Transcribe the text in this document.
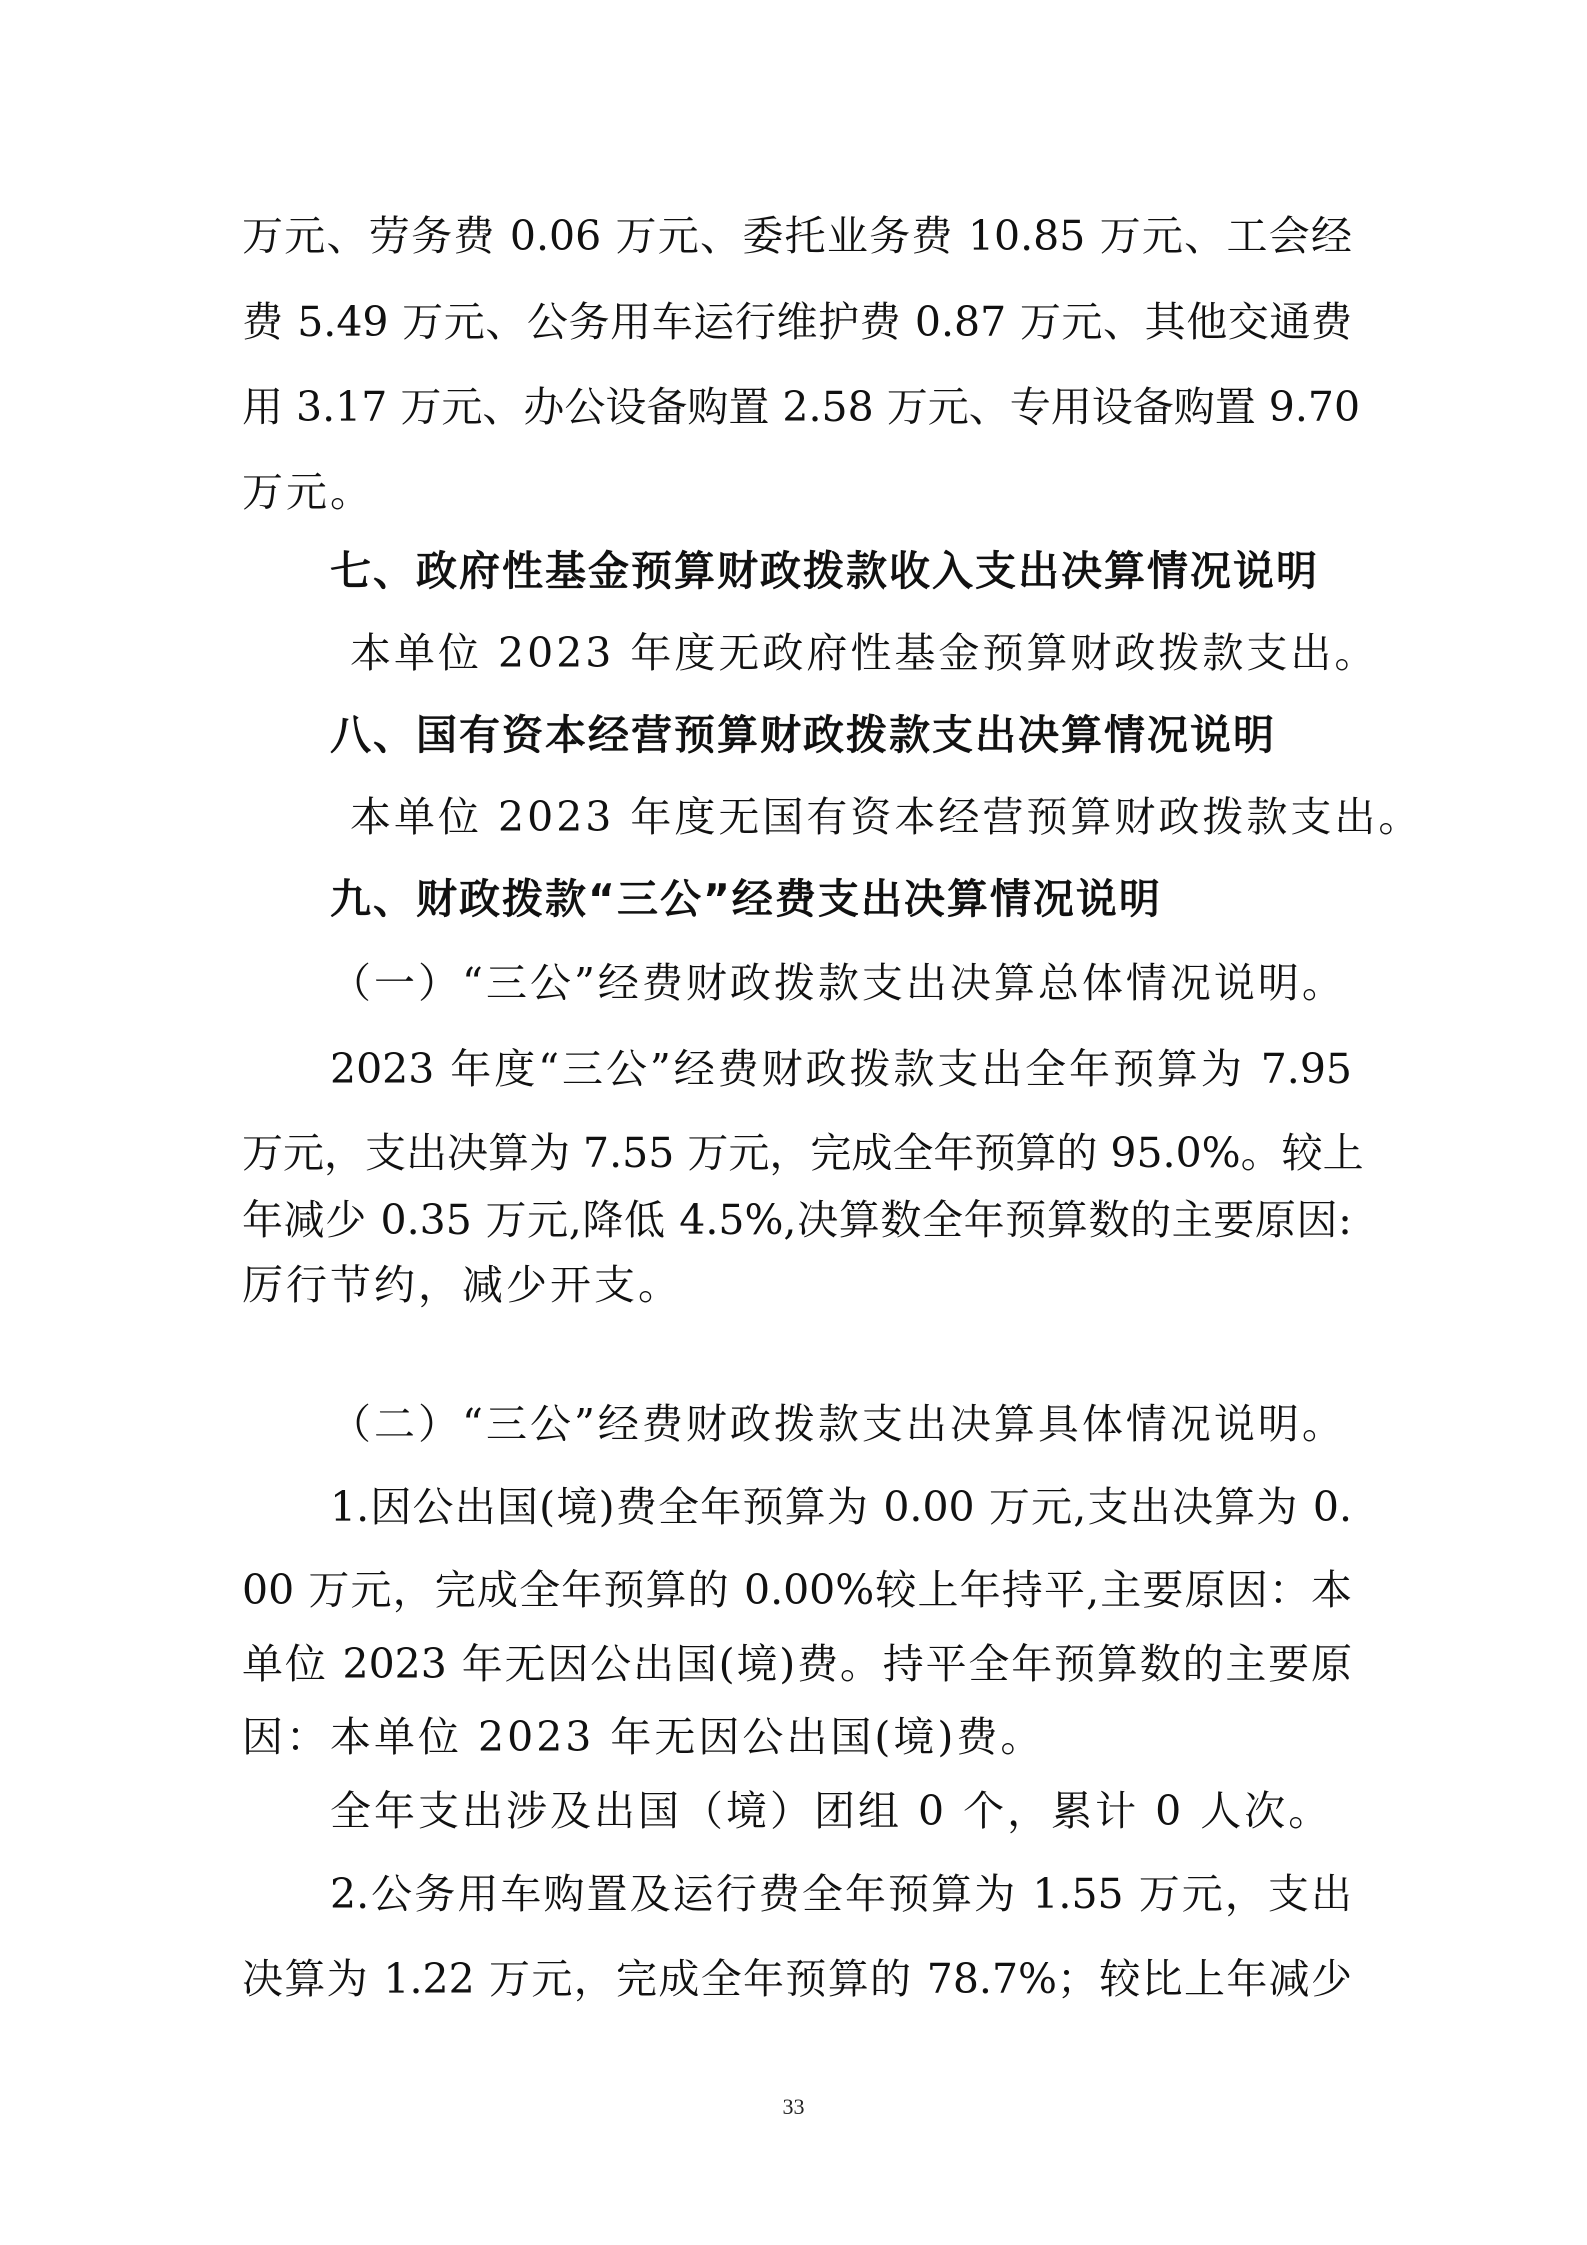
万元、劳务费 0.06 万元、委托业务费 10.85 万元、工会经
费 5.49 万元、公务用车运行维护费 0.87 万元、其他交通费
用 3.17 万元、办公设备购置 2.58 万元、专用设备购置 9.70
万元。
七、政府性基金预算财政拨款收入支出决算情况说明
本单位 2023 年度无政府性基金预算财政拨款支出。
八、国有资本经营预算财政拨款支出决算情况说明
本单位 2023 年度无国有资本经营预算财政拨款支出。
九、财政拨款“三公”经费支出决算情况说明
（一）“三公”经费财政拨款支出决算总体情况说明。
2023 年度“三公”经费财政拨款支出全年预算为 7.95
万元，支出决算为 7.55 万元，完成全年预算的 95.0%。较上
年减少 0.35 万元,降低 4.5%,决算数全年预算数的主要原因:
厉行节约，减少开支。
（二）“三公”经费财政拨款支出决算具体情况说明。
1.因公出国(境)费全年预算为 0.00 万元,支出决算为 0.
00 万元，完成全年预算的 0.00%较上年持平,主要原因：本
单位 2023 年无因公出国(境)费。持平全年预算数的主要原
因：本单位 2023 年无因公出国(境)费。
全年支出涉及出国（境）团组 0 个，累计 0 人次。
2.公务用车购置及运行费全年预算为 1.55 万元，支出
决算为 1.22 万元，完成全年预算的 78.7%；较比上年减少
33
